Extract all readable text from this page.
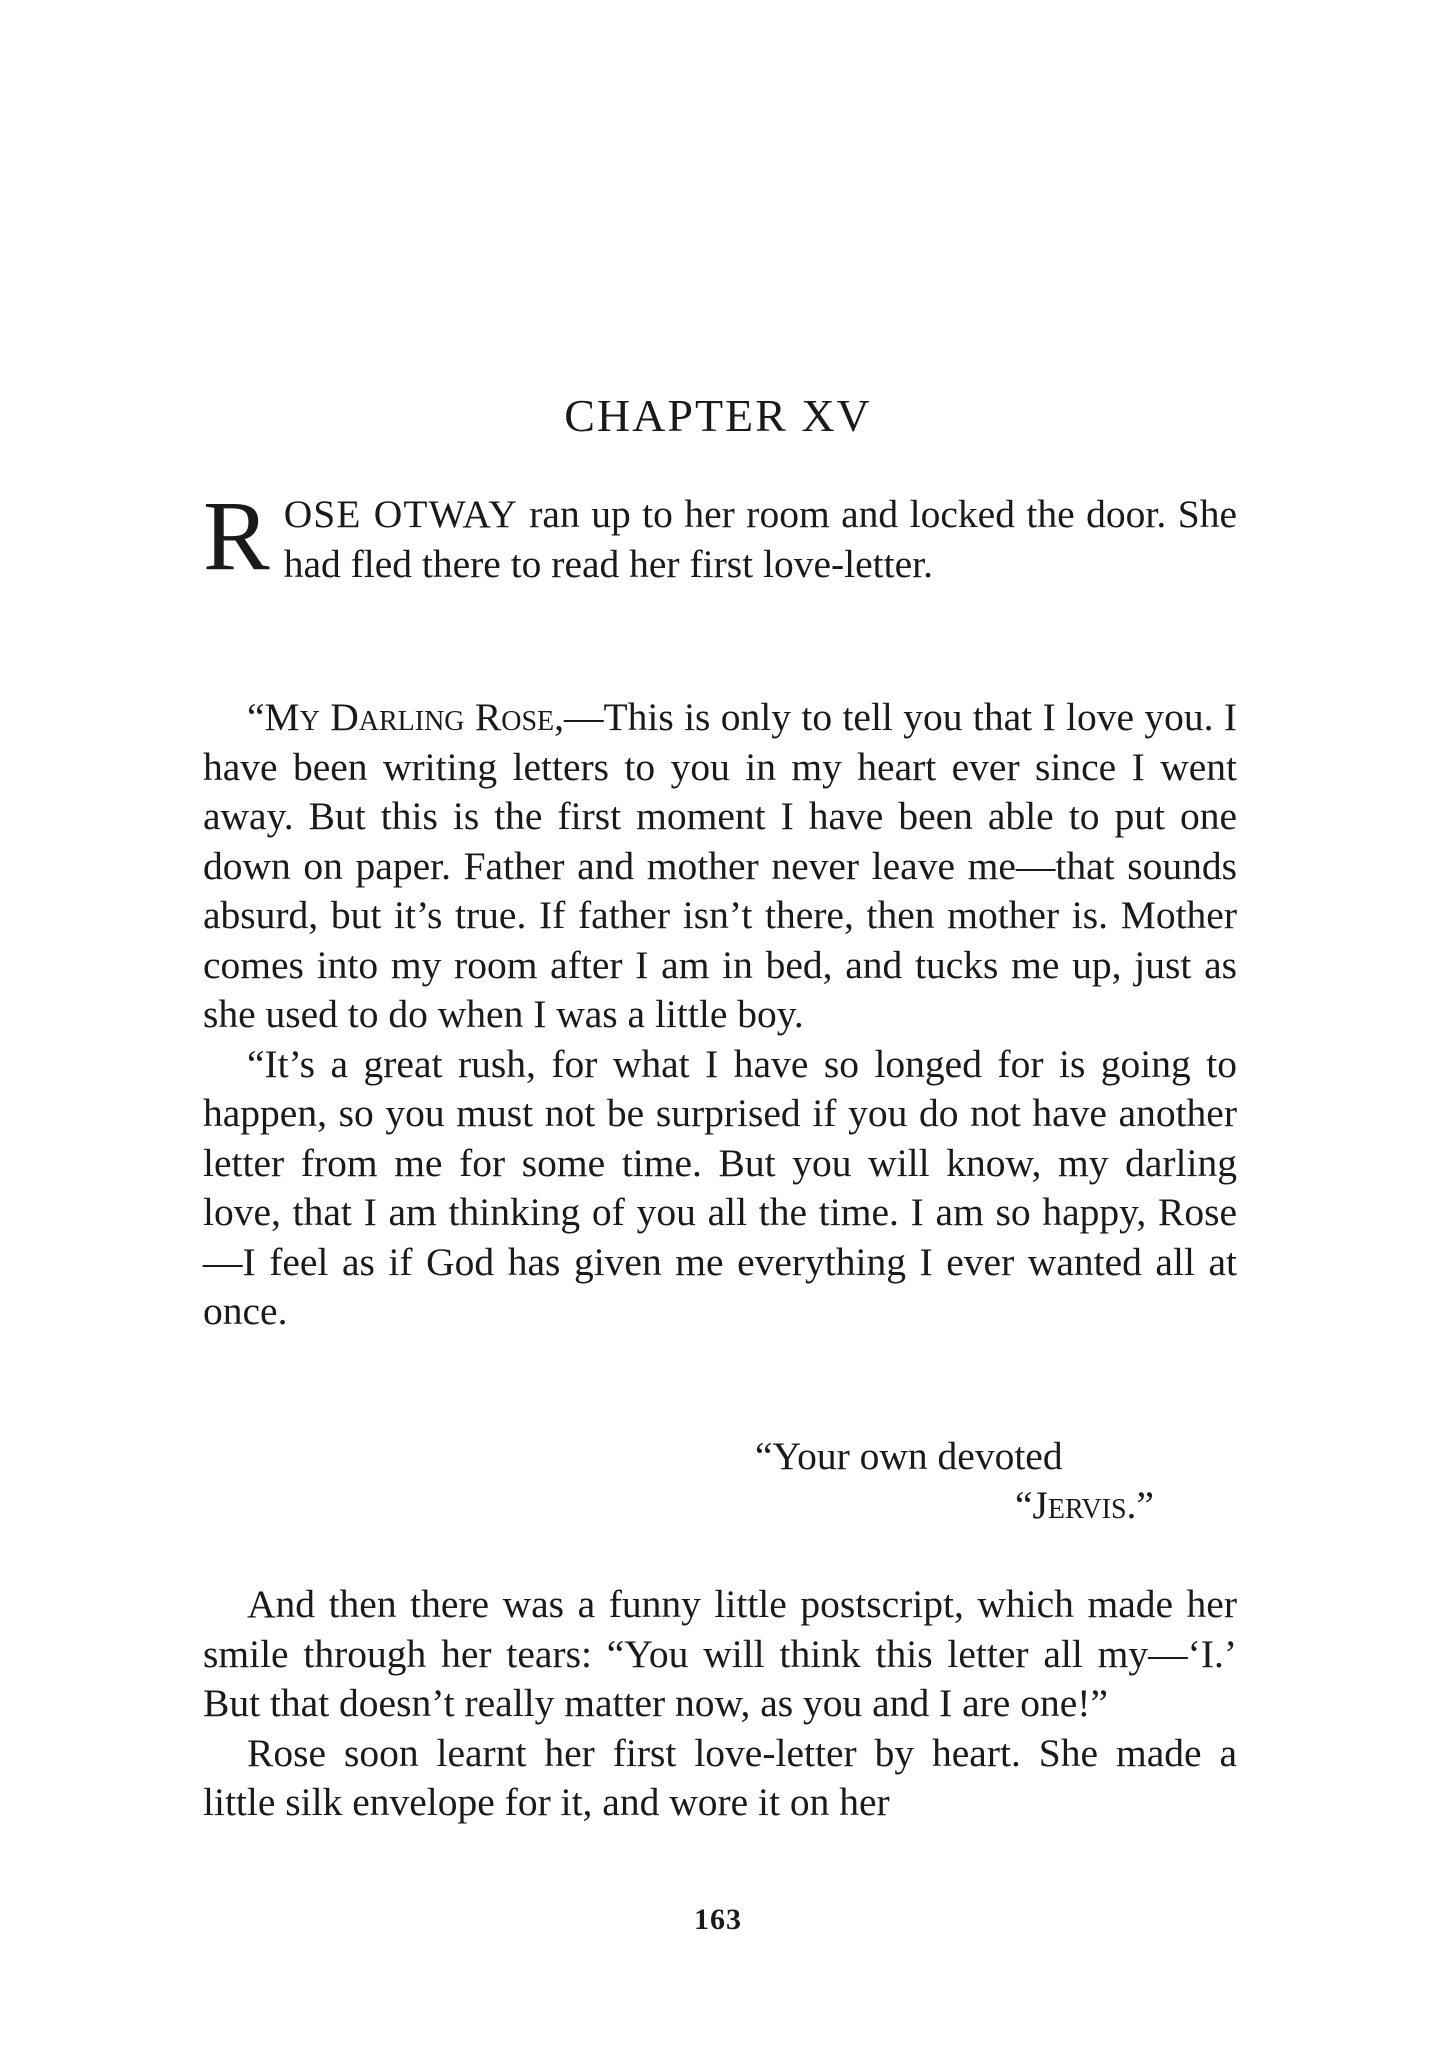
CHAPTER XV
ROSE OTWAY ran up to her room and locked the door. She had fled there to read her first love-letter.

“My Darling Rose,—This is only to tell you that I love you. I have been writing letters to you in my heart ever since I went away. But this is the first moment I have been able to put one down on paper. Father and mother never leave me—that sounds absurd, but it’s true. If father isn’t there, then mother is. Mother comes into my room after I am in bed, and tucks me up, just as she used to do when I was a little boy.

“It’s a great rush, for what I have so longed for is going to happen, so you must not be surprised if you do not have another letter from me for some time. But you will know, my darling love, that I am thinking of you all the time. I am so happy, Rose—I feel as if God has given me everything I ever wanted all at once.

“Your own devoted
“Jervis.”

And then there was a funny little postscript, which made her smile through her tears: “You will think this letter all my—‘I.’ But that doesn’t really matter now, as you and I are one!”

Rose soon learnt her first love-letter by heart. She made a little silk envelope for it, and wore it on her

163
